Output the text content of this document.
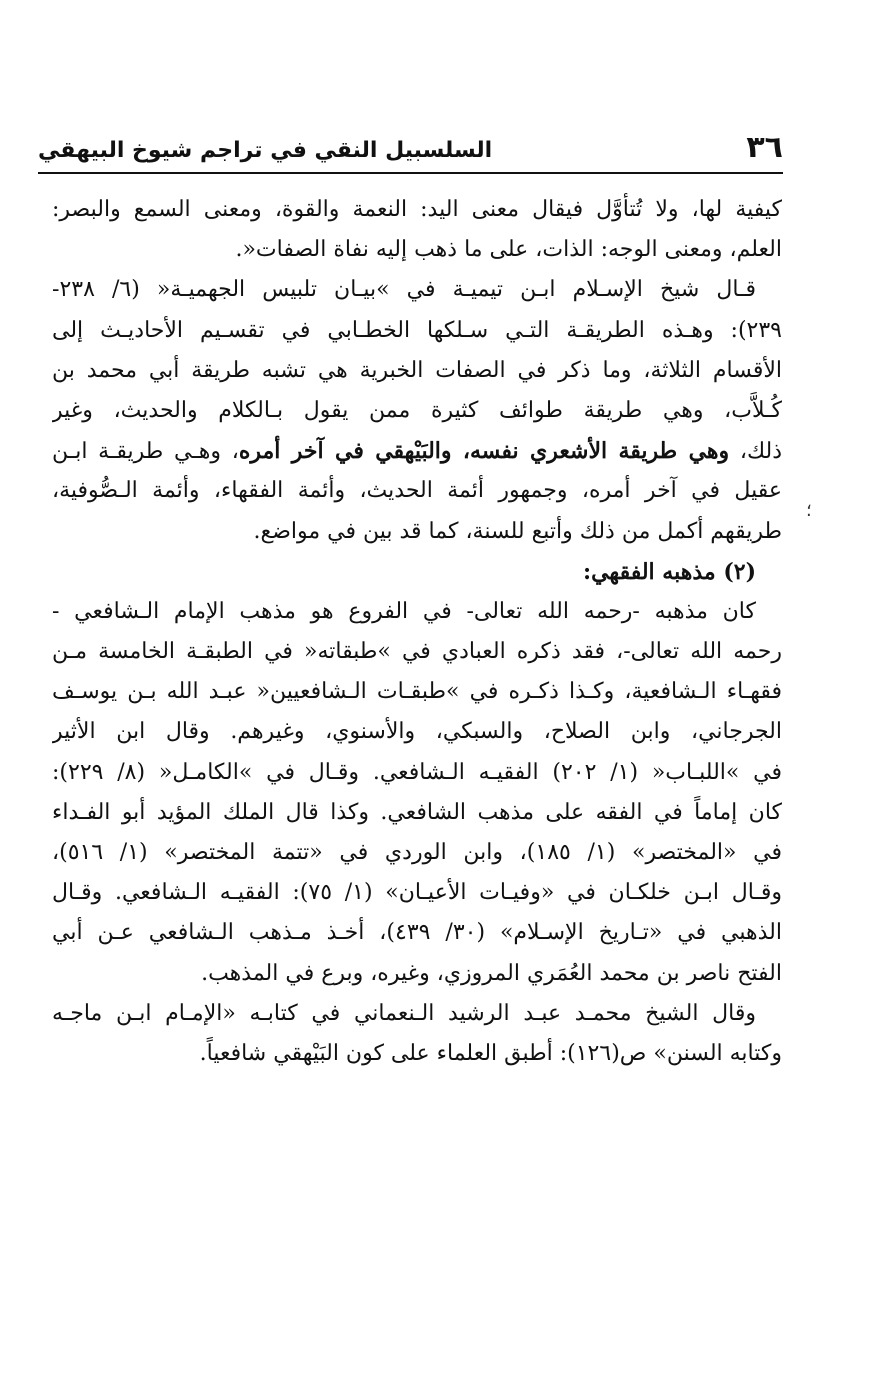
٣٦
السلسبيل النقي في تراجم شيوخ البيهقي
كيفية لها، ولا تُتأوَّل فيقال معنى اليد: النعمة والقوة، ومعنى السمع والبصر:
العلم، ومعنى الوجه: الذات، على ما ذهب إليه نفاة الصفات«.
قـال شيخ الإسـلام ابـن تيميـة في »بيـان تلبيس الجهميـة« (٦/ ٢٣٨-
٢٣٩): وهـذه الطريقـة التـي سـلكها الخطـابي في تقسـيم الأحاديـث إلى
الأقسام الثلاثة، وما ذكر في الصفات الخبرية هي تشبه طريقة أبي محمد بن
كُـلاَّب، وهي طريقة طوائف كثيرة ممن يقول بـالكلام والحديث، وغير
ذلك، وهي طريقة الأشعري نفسه، والبَيْهقي في آخر أمره، وهـي طريقـة ابـن
عقيل في آخر أمره، وجمهور أئمة الحديث، وأئمة الفقهاء، وأئمة الـصُّوفية،
طريقهم أكمل من ذلك وأتبع للسنة، كما قد بين في مواضع.
(٢) مذهبه الفقهي:
كان مذهبه -رحمه الله تعالى- في الفروع هو مذهب الإمام الـشافعي -
رحمه الله تعالى-، فقد ذكره العبادي في »طبقاته« في الطبقـة الخامسة مـن
فقهـاء الـشافعية، وكـذا ذكـره في »طبقـات الـشافعيين« عبـد الله بـن يوسـف
الجرجاني، وابن الصلاح، والسبكي، والأسنوي، وغيرهم. وقال ابن الأثير
في »اللبـاب« (١/ ٢٠٢) الفقيـه الـشافعي. وقـال في »الكامـل« (٨/ ٢٢٩):
كان إماماً في الفقه على مذهب الشافعي. وكذا قال الملك المؤيد أبو الفـداء
في «المختصر» (١/ ١٨٥)، وابن الوردي في «تتمة المختصر» (١/ ٥١٦)،
وقـال ابـن خلكـان في «وفيـات الأعيـان» (١/ ٧٥): الفقيـه الـشافعي. وقـال
الذهبي في «تـاريخ الإسـلام» (٣٠/ ٤٣٩)، أخـذ مـذهب الـشافعي عـن أبي
الفتح ناصر بن محمد العُمَري المروزي، وغيره، وبرع في المذهب.
وقال الشيخ محمـد عبـد الرشيد الـنعماني في كتابـه «الإمـام ابـن ماجـه
وكتابه السنن» ص(١٢٦): أطبق العلماء على كون البَيْهقي شافعياً.
؛
